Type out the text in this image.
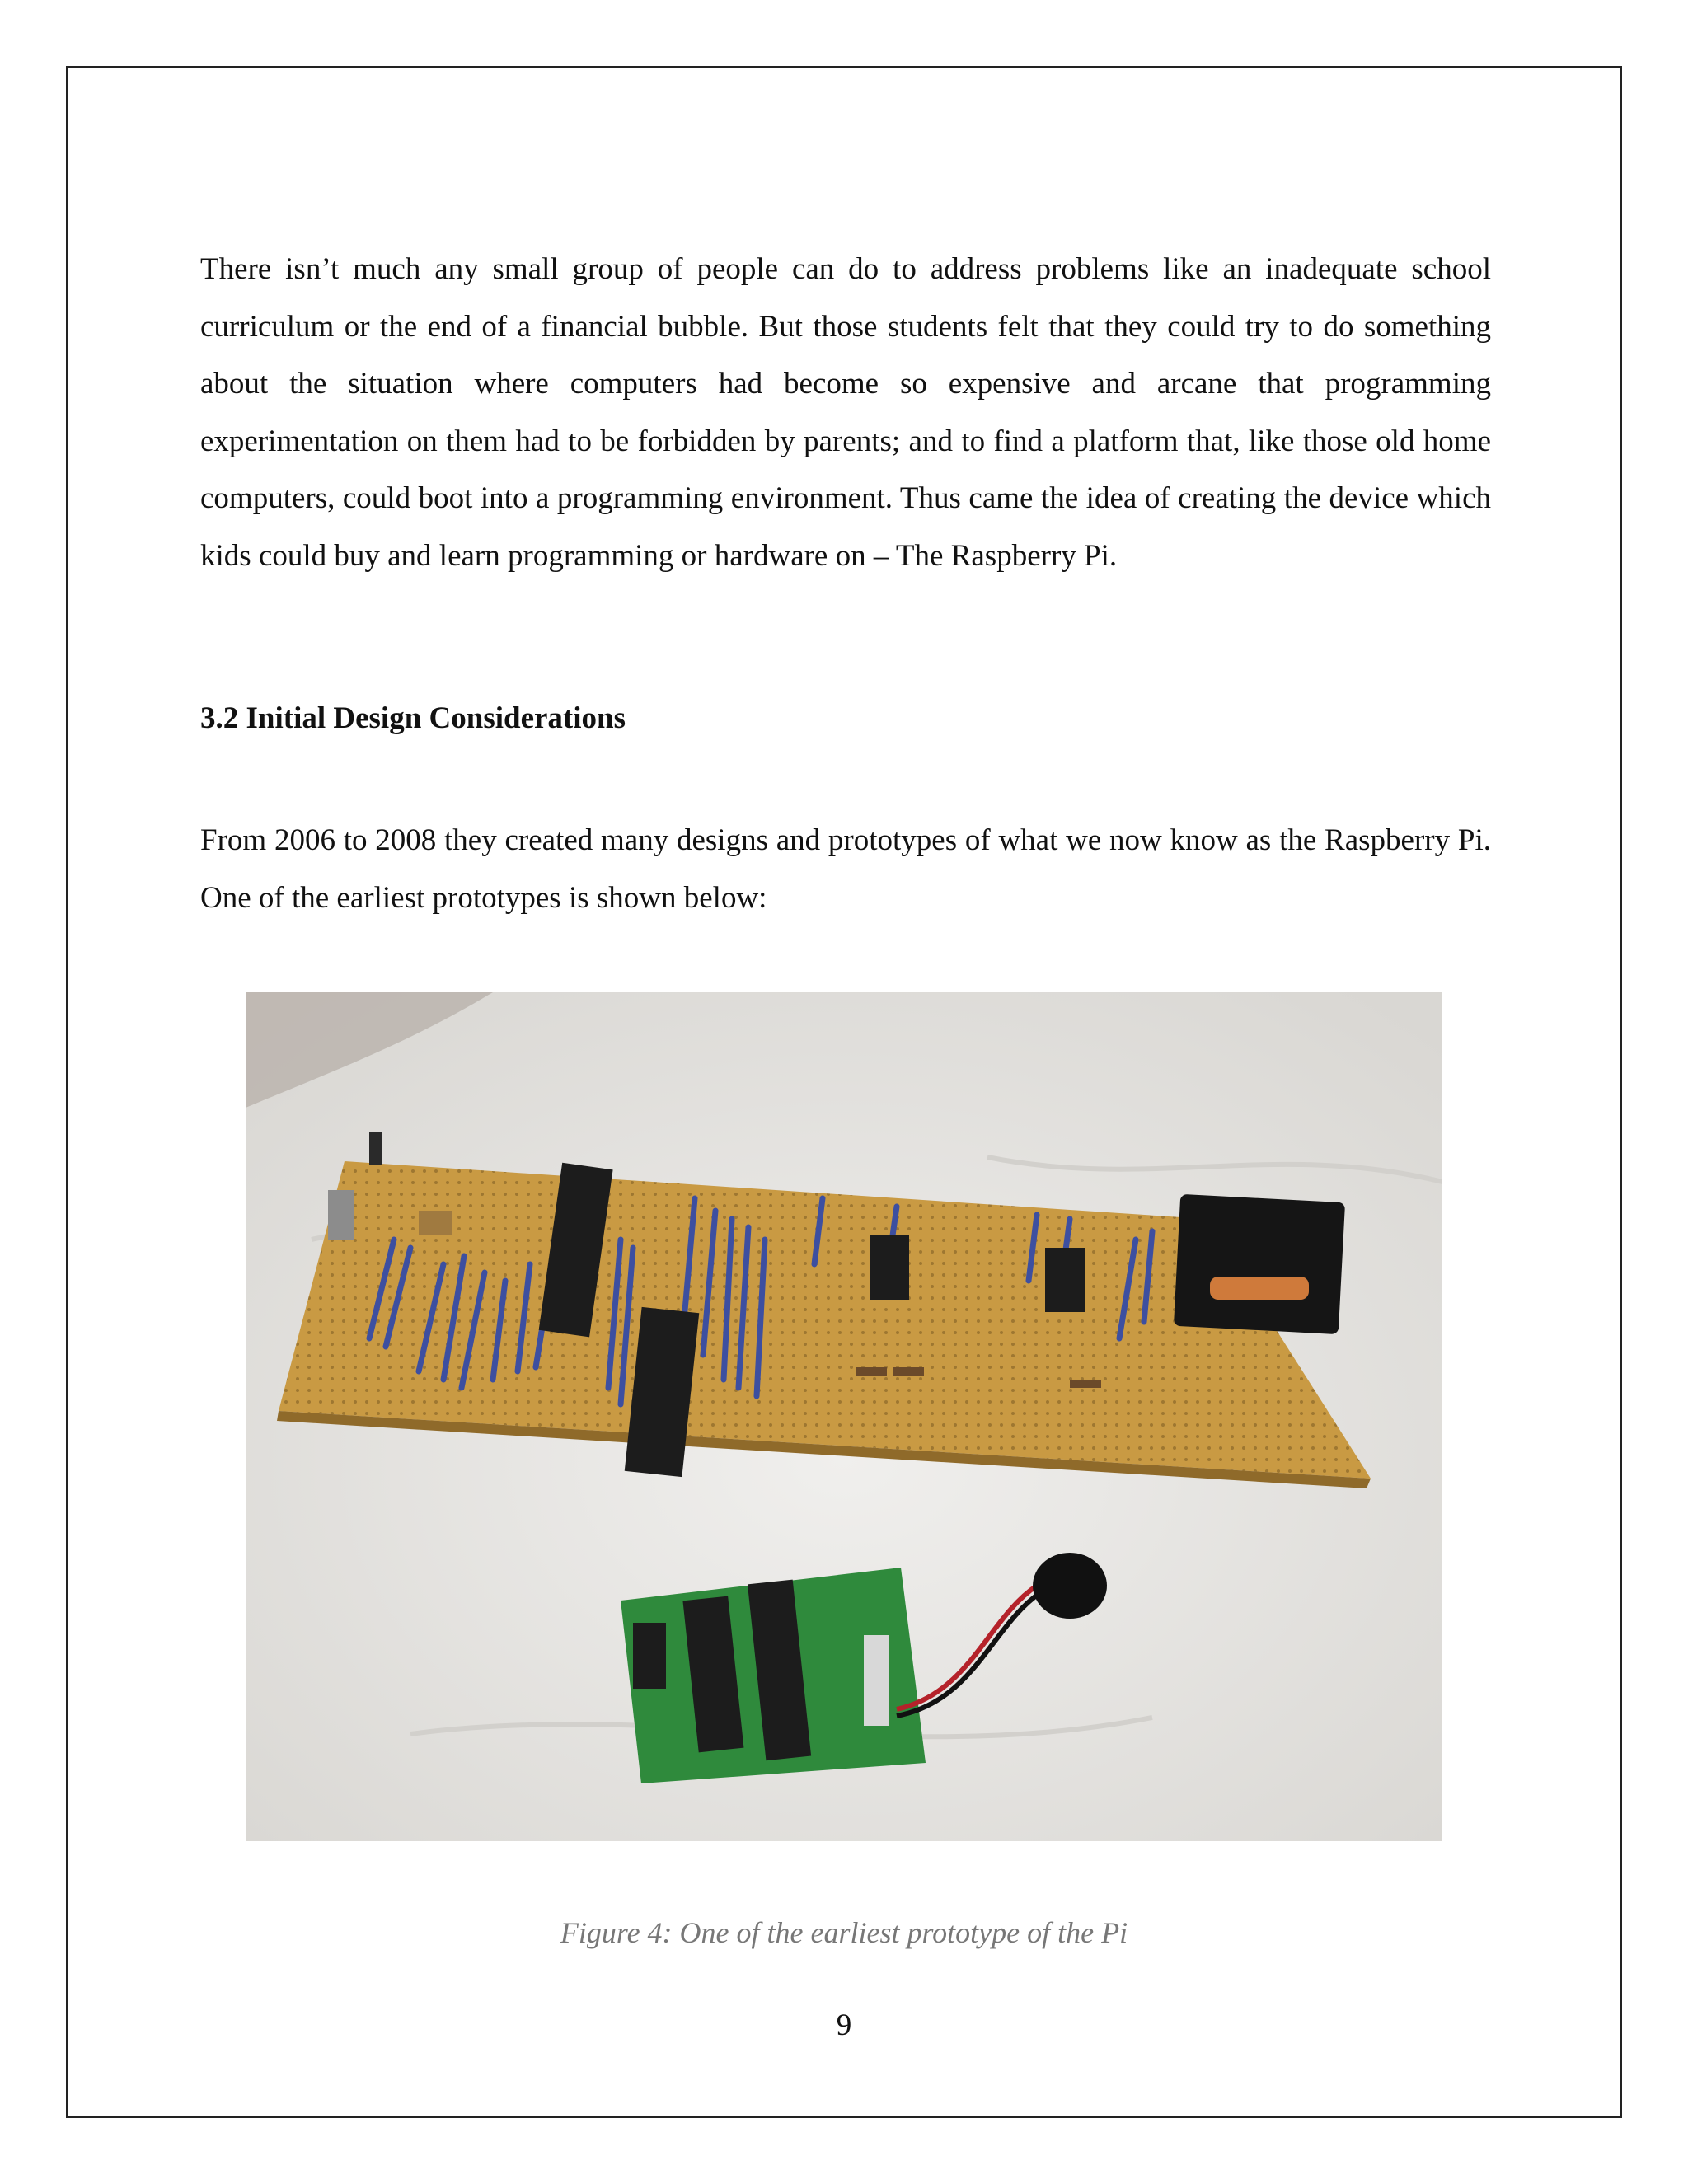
There isn’t much any small group of people can do to address problems like an inadequate school curriculum or the end of a financial bubble. But those students felt that they could try to do something about the situation where computers had become so expensive and arcane that programming experimentation on them had to be forbidden by parents; and to find a platform that, like those old home computers, could boot into a programming environment. Thus came the idea of creating the device which kids could buy and learn programming or hardware on – The Raspberry Pi.

3.2 Initial Design Considerations

From 2006 to 2008 they created many designs and prototypes of what we now know as the Raspberry Pi. One of the earliest prototypes is shown below:

Figure 4: One of the earliest prototype of the Pi

9
